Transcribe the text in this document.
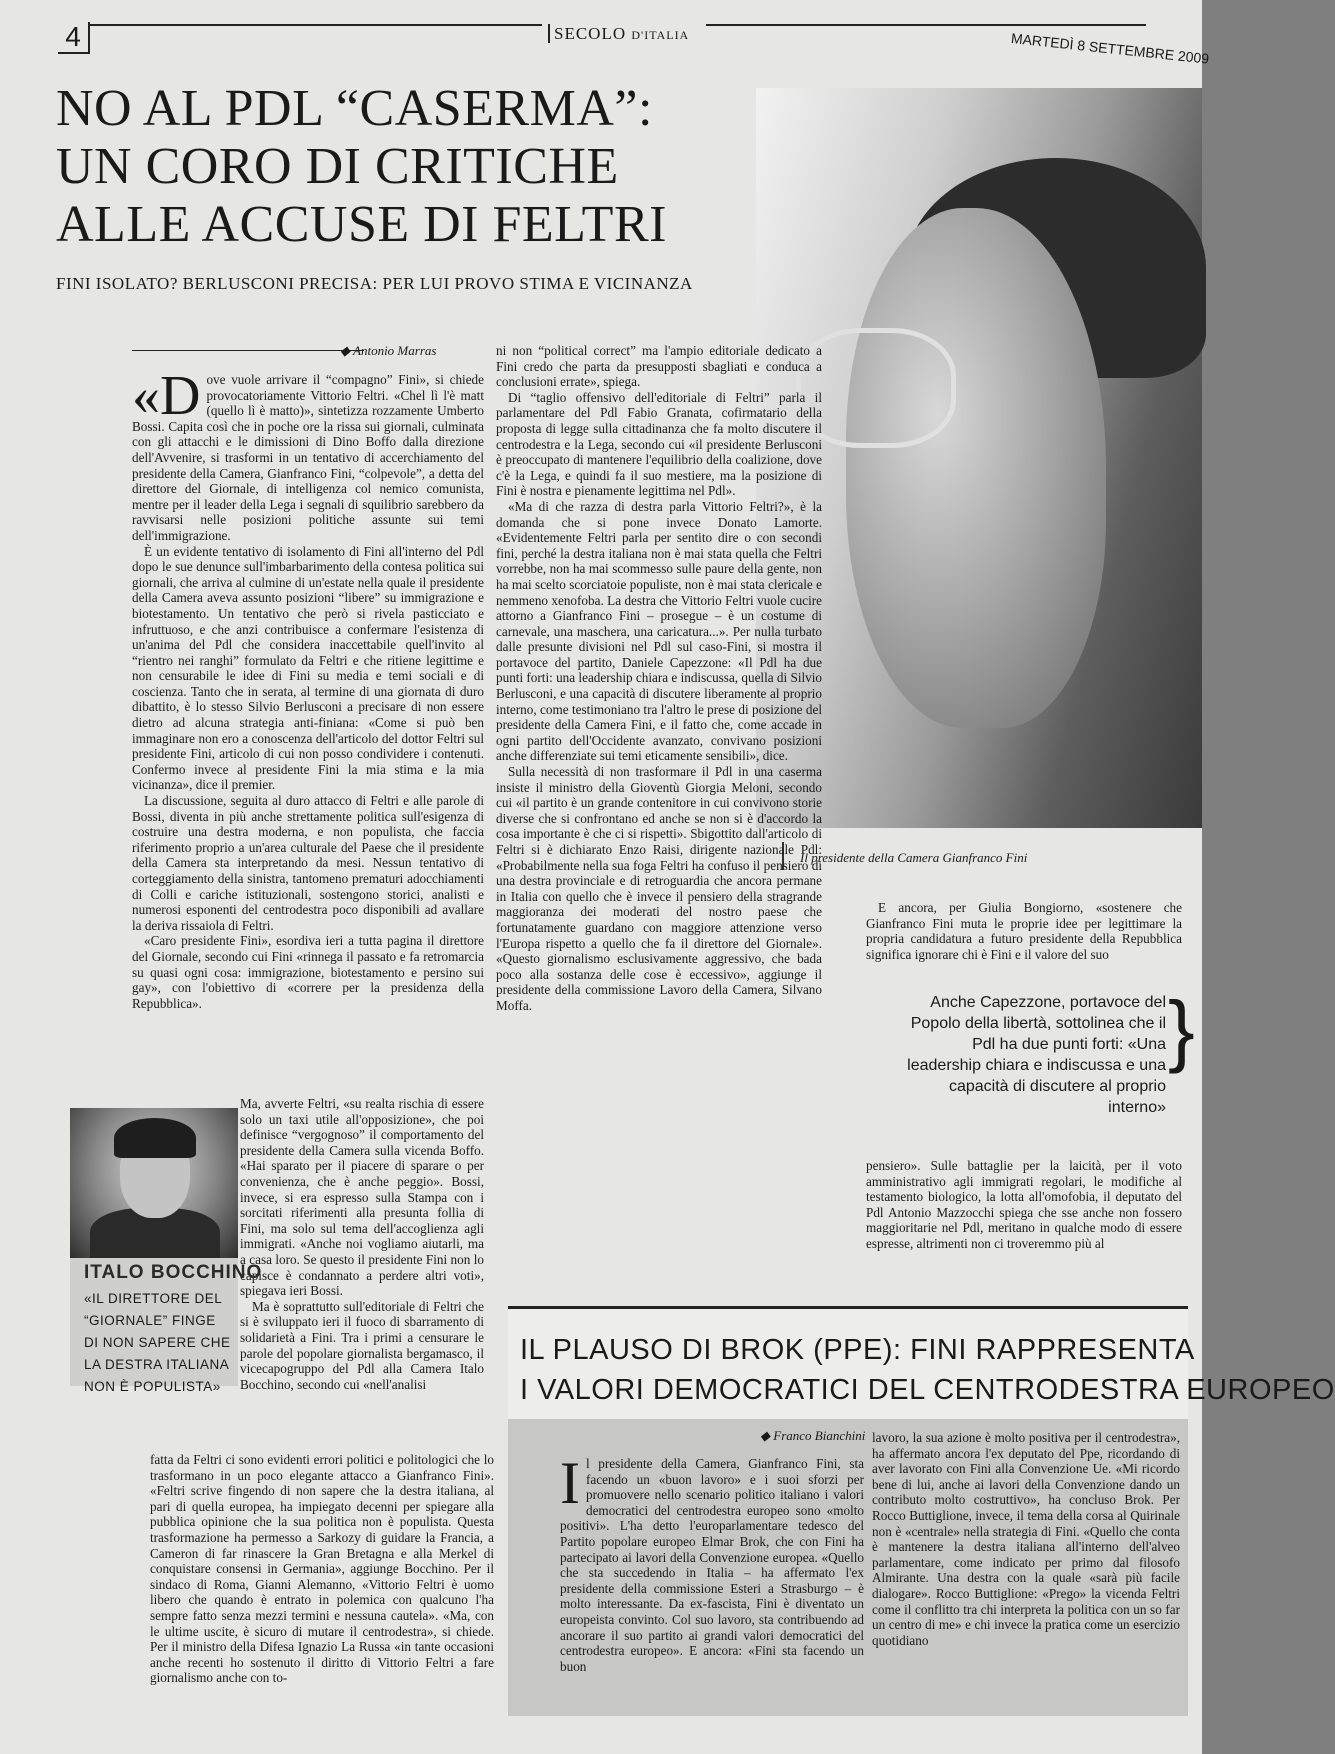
4	SECOLO D'ITALIA	MARTEDÌ 8 SETTEMBRE 2009
NO AL PDL “CASERMA”:
UN CORO DI CRITICHE
ALLE ACCUSE DI FELTRI
FINI ISOLATO? BERLUSCONI PRECISA: PER LUI PROVO STIMA E VICINANZA
Il presidente della Camera Gianfranco Fini
◆ Antonio Marras
«D ove vuole arrivare il “compagno” Fini», si chiede provocatoriamente Vittorio Feltri. «Chel lì l'è matt (quello lì è matto)», sintetizza rozzamente Umberto Bossi. Capita così che in poche ore la rissa sui giornali, culminata con gli attacchi e le dimissioni di Dino Boffo dalla direzione dell'Avvenire, si trasformi in un tentativo di accerchiamento del presidente della Camera, Gianfranco Fini, “colpevole”, a detta del direttore del Giornale, di intelligenza col nemico comunista, mentre per il leader della Lega i segnali di squilibrio sarebbero da ravvisarsi nelle posizioni politiche assunte sui temi dell'immigrazione.

È un evidente tentativo di isolamento di Fini all'interno del Pdl dopo le sue denunce sull'imbarbarimento della contesa politica sui giornali, che arriva al culmine di un'estate nella quale il presidente della Camera aveva assunto posizioni “libere” su immigrazione e biotestamento. Un tentativo che però si rivela pasticciato e infruttuoso, e che anzi contribuisce a confermare l'esistenza di un'anima del Pdl che considera inaccettabile quell'invito al “rientro nei ranghi” formulato da Feltri e che ritiene legittime e non censurabile le idee di Fini su media e temi sociali e di coscienza. Tanto che in serata, al termine di una giornata di duro dibattito, è lo stesso Silvio Berlusconi a precisare di non essere dietro ad alcuna strategia anti-finiana: «Come si può ben immaginare non ero a conoscenza dell'articolo del dottor Feltri sul presidente Fini, articolo di cui non posso condividere i contenuti. Confermo invece al presidente Fini la mia stima e la mia vicinanza», dice il premier.

La discussione, seguita al duro attacco di Feltri e alle parole di Bossi, diventa in più anche strettamente politica sull'esigenza di costruire una destra moderna, e non populista, che faccia riferimento proprio a un'area culturale del Paese che il presidente della Camera sta interpretando da mesi. Nessun tentativo di corteggiamento della sinistra, tantomeno prematuri adocchiamenti di Colli e cariche istituzionali, sostengono storici, analisti e numerosi esponenti del centrodestra poco disponibili ad avallare la deriva rissaiola di Feltri.

«Caro presidente Fini», esordiva ieri a tutta pagina il direttore del Giornale, secondo cui Fini «rinnega il passato e fa retromarcia su quasi ogni cosa: immigrazione, biotestamento e persino sui gay», con l'obiettivo di «correre per la presidenza della Repubblica».

Ma, avverte Feltri, «su realta rischia di essere solo un taxi utile all'opposizione», che poi definisce “vergognoso” il comportamento del presidente della Camera sulla vicenda Boffo. «Hai sparato per il piacere di sparare o per convenienza, che è anche peggio». Bossi, invece, si era espresso sulla Stampa con i sorcitati riferimenti alla presunta follia di Fini, ma solo sul tema dell'accoglienza agli immigrati. «Anche noi vogliamo aiutarli, ma a casa loro. Se questo il presidente Fini non lo capisce è condannato a perdere altri voti», spiegava ieri Bossi.

Ma è soprattutto sull'editoriale di Feltri che si è sviluppato ieri il fuoco di sbarramento di solidarietà a Fini. Tra i primi a censurare le parole del popolare giornalista bergamasco, il vicecapogruppo del Pdl alla Camera Italo Bocchino, secondo cui «nell'analisi

fatta da Feltri ci sono evidenti errori politici e politologici che lo trasformano in un poco elegante attacco a Gianfranco Fini». «Feltri scrive fingendo di non sapere che la destra italiana, al pari di quella europea, ha impiegato decenni per spiegare alla pubblica opinione che la sua politica non è populista. Questa trasformazione ha permesso a Sarkozy di guidare la Francia, a Cameron di far rinascere la Gran Bretagna e alla Merkel di conquistare consensi in Germania», aggiunge Bocchino. Per il sindaco di Roma, Gianni Alemanno, «Vittorio Feltri è uomo libero che quando è entrato in polemica con qualcuno l'ha sempre fatto senza mezzi termini e nessuna cautela». «Ma, con le ultime uscite, è sicuro di mutare il centrodestra», si chiede. Per il ministro della Difesa Ignazio La Russa «in tante occasioni anche recenti ho sostenuto il diritto di Vittorio Feltri a fare giornalismo anche con to-

ITALO BOCCHINO
«IL DIRETTORE DEL “GIORNALE” FINGE DI NON SAPERE CHE LA DESTRA ITALIANA NON È POPULISTA»

ni non “political correct” ma l'ampio editoriale dedicato a Fini credo che parta da presupposti sbagliati e conduca a conclusioni errate», spiega.

Di “taglio offensivo dell'editoriale di Feltri” parla il parlamentare del Pdl Fabio Granata, cofirmatario della proposta di legge sulla cittadinanza che fa molto discutere il centrodestra e la Lega, secondo cui «il presidente Berlusconi è preoccupato di mantenere l'equilibrio della coalizione, dove c'è la Lega, e quindi fa il suo mestiere, ma la posizione di Fini è nostra e pienamente legittima nel Pdl».

«Ma di che razza di destra parla Vittorio Feltri?», è la domanda che si pone invece Donato Lamorte. «Evidentemente Feltri parla per sentito dire o con secondi fini, perché la destra italiana non è mai stata quella che Feltri vorrebbe, non ha mai scommesso sulle paure della gente, non ha mai scelto scorciatoie populiste, non è mai stata clericale e nemmeno xenofoba. La destra che Vittorio Feltri vuole cucire attorno a Gianfranco Fini – prosegue – è un costume di carnevale, una maschera, una caricatura...». Per nulla turbato dalle presunte divisioni nel Pdl sul caso-Fini, si mostra il portavoce del partito, Daniele Capezzone: «Il Pdl ha due punti forti: una leadership chiara e indiscussa, quella di Silvio Berlusconi, e una capacità di discutere liberamente al proprio interno, come testimoniano tra l'altro le prese di posizione del presidente della Camera Fini, e il fatto che, come accade in ogni partito dell'Occidente avanzato, convivano posizioni anche differenziate sui temi eticamente sensibili», dice.

Sulla necessità di non trasformare il Pdl in una caserma insiste il ministro della Gioventù Giorgia Meloni, secondo cui «il partito è un grande contenitore in cui convivono storie diverse che si confrontano ed anche se non si è d'accordo la cosa importante è che ci si rispetti». Sbigottito dall'articolo di Feltri si è dichiarato Enzo Raisi, dirigente nazionale Pdl: «Probabilmente nella sua foga Feltri ha confuso il pensiero di una destra provinciale e di retroguardia che ancora permane in Italia con quello che è invece il pensiero della stragrande maggioranza dei moderati del nostro paese che fortunatamente guardano con maggiore attenzione verso l'Europa rispetto a quello che fa il direttore del Giornale». «Questo giornalismo esclusivamente aggressivo, che bada poco alla sostanza delle cose è eccessivo», aggiunge il presidente della commissione Lavoro della Camera, Silvano Moffa.

E ancora, per Giulia Bongiorno, «sostenere che Gianfranco Fini muta le proprie idee per legittimare la propria candidatura a futuro presidente della Repubblica significa ignorare chi è Fini e il valore del suo

Anche Capezzone, portavoce del Popolo della libertà, sottolinea che il Pdl ha due punti forti: «Una leadership chiara e indiscussa e una capacità di discutere al proprio interno»
}

pensiero». Sulle battaglie per la laicità, per il voto amministrativo agli immigrati regolari, le modifiche al testamento biologico, la lotta all'omofobia, il deputato del Pdl Antonio Mazzocchi spiega che sse anche non fossero maggioritarie nel Pdl, meritano in qualche modo di essere espresse, altrimenti non ci troveremmo più al

IL PLAUSO DI BROK (PPE): FINI RAPPRESENTA
I VALORI DEMOCRATICI DEL CENTRODESTRA EUROPEO
◆ Franco Bianchini
I l presidente della Camera, Gianfranco Fini, sta facendo un «buon lavoro» e i suoi sforzi per promuovere nello scenario politico italiano i valori democratici del centrodestra europeo sono «molto positivi». L'ha detto l'europarlamentare tedesco del Partito popolare europeo Elmar Brok, che con Fini ha partecipato ai lavori della Convenzione europea. «Quello che sta succedendo in Italia – ha affermato l'ex presidente della commissione Esteri a Strasburgo – è molto interessante. Da ex-fascista, Fini è diventato un europeista convinto. Col suo lavoro, sta contribuendo ad ancorare il suo partito ai grandi valori democratici del centrodestra europeo». E ancora: «Fini sta facendo un buon

lavoro, la sua azione è molto positiva per il centrodestra», ha affermato ancora l'ex deputato del Ppe, ricordando di aver lavorato con Fini alla Convenzione Ue. «Mi ricordo bene di lui, anche ai lavori della Convenzione dando un contributo molto costruttivo», ha concluso Brok. Per Rocco Buttiglione, invece, il tema della corsa al Quirinale non è «centrale» nella strategia di Fini. «Quello che conta è mantenere la destra italiana all'interno dell'alveo parlamentare, come indicato per primo dal filosofo Almirante. Una destra con la quale «sarà più facile dialogare». Rocco Buttiglione: «Prego» la vicenda Feltri come il conflitto tra chi interpreta la politica con un so far un centro di me» e chi invece la pratica come un esercizio quotidiano
